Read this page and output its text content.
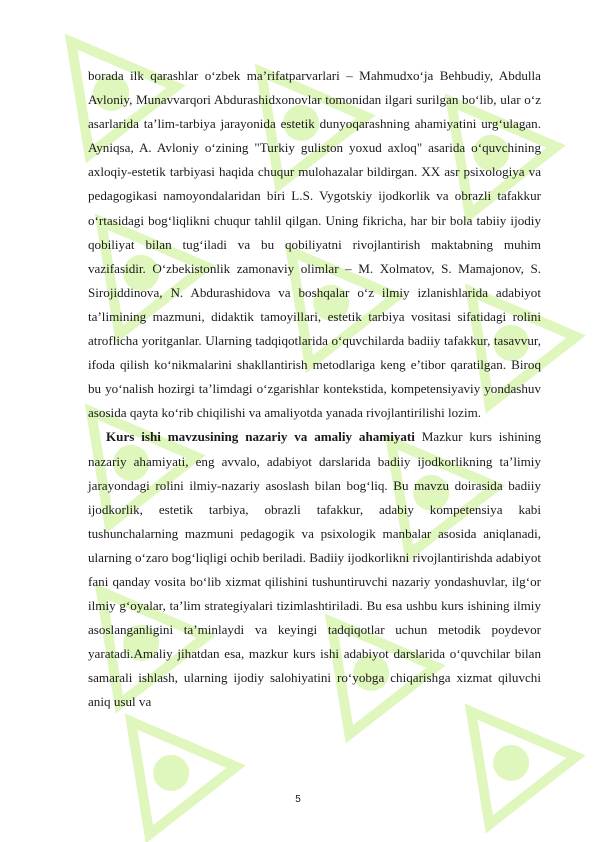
borada ilk qarashlar o‘zbek ma’rifatparvarlari – Mahmudxo‘ja Behbudiy, Abdulla Avloniy, Munavvarqori Abdurashidxonovlar tomonidan ilgari surilgan bo‘lib, ular o‘z asarlarida ta’lim-tarbiya jarayonida estetik dunyoqarashning ahamiyatini urg‘ulagan. Ayniqsa, A. Avloniy o‘zining "Turkiy guliston yoxud axloq" asarida o‘quvchining axloqiy-estetik tarbiyasi haqida chuqur mulohazalar bildirgan. XX asr psixologiya va pedagogikasi namoyondalaridan biri L.S. Vygotskiy ijodkorlik va obrazli tafakkur o‘rtasidagi bog‘liqlikni chuqur tahlil qilgan. Uning fikricha, har bir bola tabiiy ijodiy qobiliyat bilan tug‘iladi va bu qobiliyatni rivojlantirish maktabning muhim vazifasidir. O‘zbekistonlik zamonaviy olimlar – M. Xolmatov, S. Mamajonov, S. Sirojiddinova, N. Abdurashidova va boshqalar o‘z ilmiy izlanishlarida adabiyot ta’limining mazmuni, didaktik tamoyillari, estetik tarbiya vositasi sifatidagi rolini atroflicha yoritganlar. Ularning tadqiqotlarida o‘quvchilarda badiiy tafakkur, tasavvur, ifoda qilish ko‘nikmalarini shakllantirish metodlariga keng e’tibor qaratilgan. Biroq bu yo‘nalish hozirgi ta’limdagi o‘zgarishlar kontekstida, kompetensiyaviy yondashuv asosida qayta ko‘rib chiqilishi va amaliyotda yanada rivojlantirilishi lozim.

Kurs ishi mavzusining nazariy va amaliy ahamiyati Mazkur kurs ishining nazariy ahamiyati, eng avvalo, adabiyot darslarida badiiy ijodkorlikning ta’limiy jarayondagi rolini ilmiy-nazariy asoslash bilan bog‘liq. Bu mavzu doirasida badiiy ijodkorlik, estetik tarbiya, obrazli tafakkur, adabiy kompetensiya kabi tushunchalarning mazmuni pedagogik va psixologik manbalar asosida aniqlanadi, ularning o‘zaro bog‘liqligi ochib beriladi. Badiiy ijodkorlikni rivojlantirishda adabiyot fani qanday vosita bo‘lib xizmat qilishini tushuntiruvchi nazariy yondashuvlar, ilg‘or ilmiy g‘oyalar, ta’lim strategiyalari tizimlashtiriladi. Bu esa ushbu kurs ishining ilmiy asoslanganligini ta’minlaydi va keyingi tadqiqotlar uchun metodik poydevor yaratadi.Amaliy jihatdan esa, mazkur kurs ishi adabiyot darslarida o‘quvchilar bilan samarali ishlash, ularning ijodiy salohiyatini ro‘yobga chiqarishga xizmat qiluvchi aniq usul va

5
